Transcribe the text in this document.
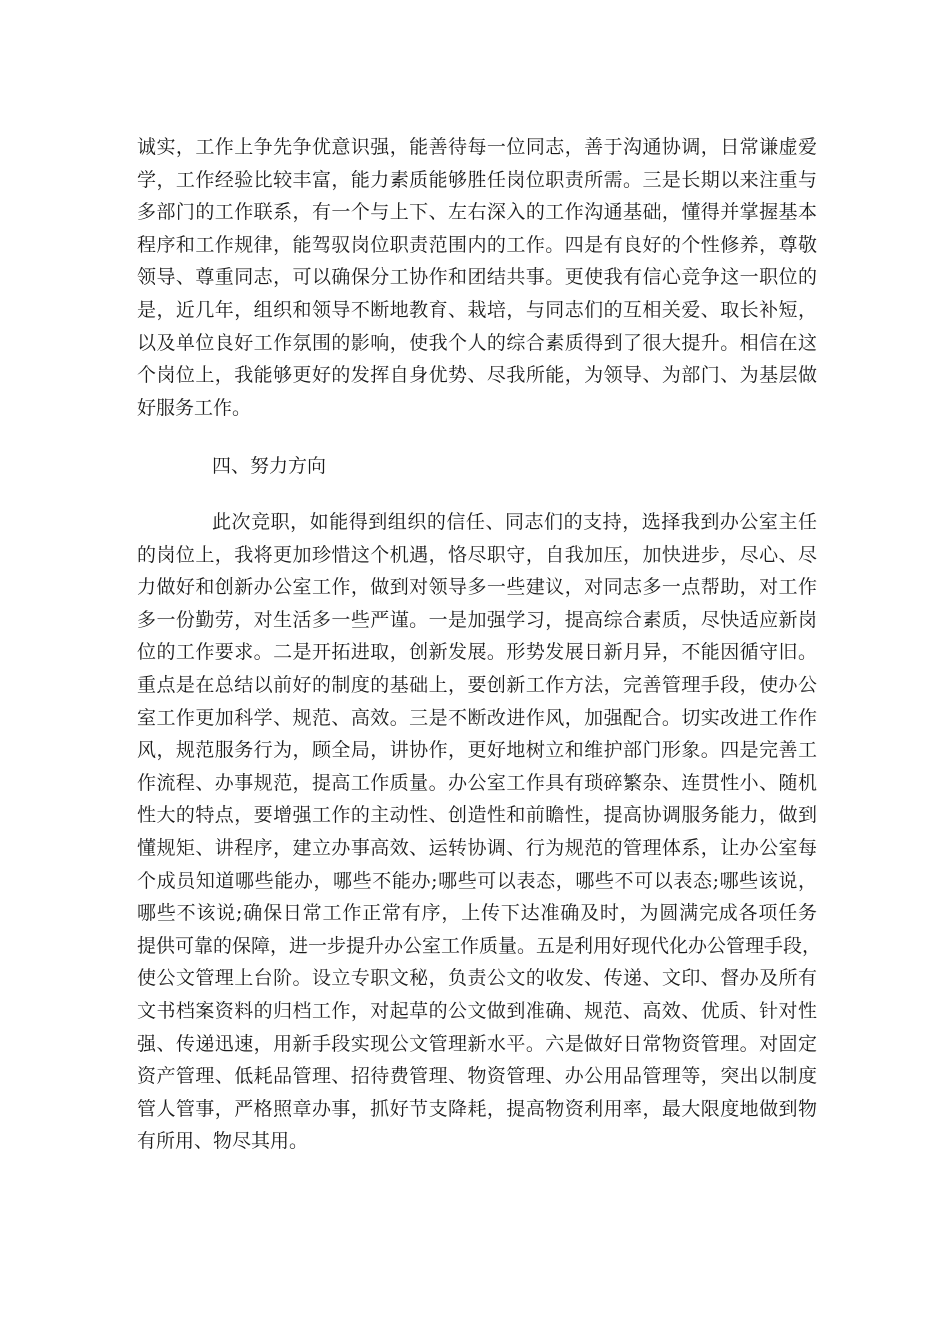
诚实，工作上争先争优意识强，能善待每一位同志，善于沟通协调，日常谦虚爱
学，工作经验比较丰富，能力素质能够胜任岗位职责所需。三是长期以来注重与
多部门的工作联系，有一个与上下、左右深入的工作沟通基础，懂得并掌握基本
程序和工作规律，能驾驭岗位职责范围内的工作。四是有良好的个性修养，尊敬
领导、尊重同志，可以确保分工协作和团结共事。更使我有信心竞争这一职位的
是，近几年，组织和领导不断地教育、栽培，与同志们的互相关爱、取长补短，
以及单位良好工作氛围的影响，使我个人的综合素质得到了很大提升。相信在这
个岗位上，我能够更好的发挥自身优势、尽我所能，为领导、为部门、为基层做
好服务工作。
四、努力方向
此次竞职，如能得到组织的信任、同志们的支持，选择我到办公室主任
的岗位上，我将更加珍惜这个机遇，恪尽职守，自我加压，加快进步，尽心、尽
力做好和创新办公室工作，做到对领导多一些建议，对同志多一点帮助，对工作
多一份勤劳，对生活多一些严谨。一是加强学习，提高综合素质，尽快适应新岗
位的工作要求。二是开拓进取，创新发展。形势发展日新月异，不能因循守旧。
重点是在总结以前好的制度的基础上，要创新工作方法，完善管理手段，使办公
室工作更加科学、规范、高效。三是不断改进作风，加强配合。切实改进工作作
风，规范服务行为，顾全局，讲协作，更好地树立和维护部门形象。四是完善工
作流程、办事规范，提高工作质量。办公室工作具有琐碎繁杂、连贯性小、随机
性大的特点，要增强工作的主动性、创造性和前瞻性，提高协调服务能力，做到
懂规矩、讲程序，建立办事高效、运转协调、行为规范的管理体系，让办公室每
个成员知道哪些能办，哪些不能办;哪些可以表态，哪些不可以表态;哪些该说，
哪些不该说;确保日常工作正常有序，上传下达准确及时，为圆满完成各项任务
提供可靠的保障，进一步提升办公室工作质量。五是利用好现代化办公管理手段，
使公文管理上台阶。设立专职文秘，负责公文的收发、传递、文印、督办及所有
文书档案资料的归档工作，对起草的公文做到准确、规范、高效、优质、针对性
强、传递迅速，用新手段实现公文管理新水平。六是做好日常物资管理。对固定
资产管理、低耗品管理、招待费管理、物资管理、办公用品管理等，突出以制度
管人管事，严格照章办事，抓好节支降耗，提高物资利用率，最大限度地做到物
有所用、物尽其用。
